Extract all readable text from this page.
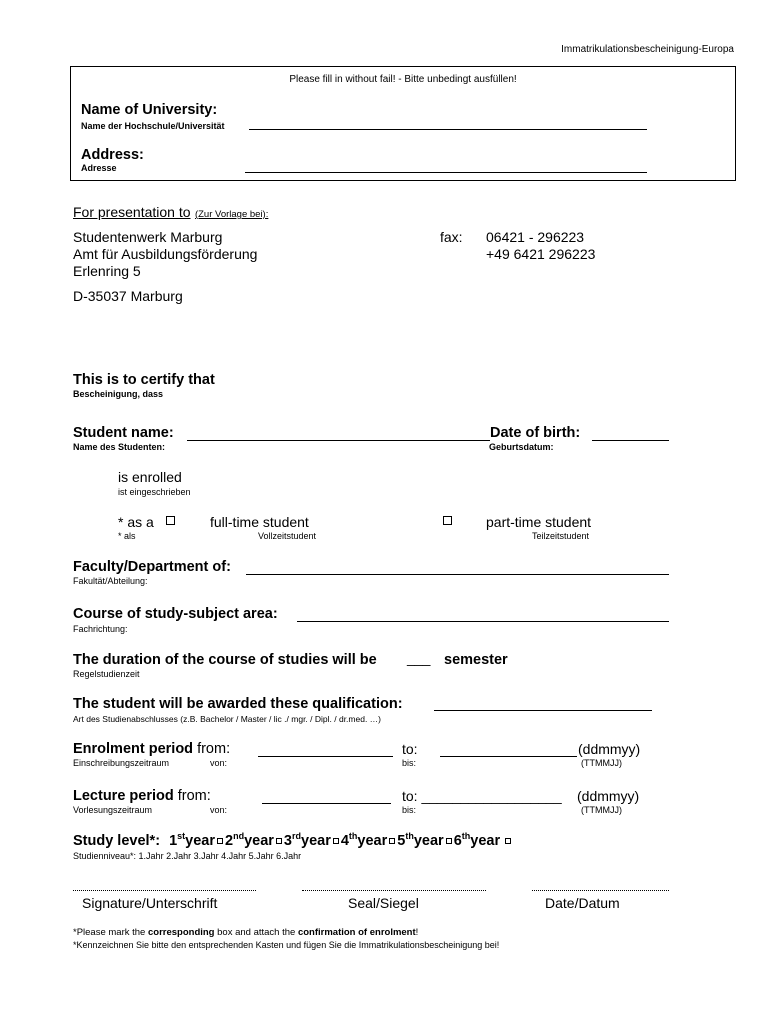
Immatrikulationsbescheinigung-Europa
Please fill in without fail! - Bitte unbedingt ausfüllen!
Name of University:
Name der Hochschule/Universität
Address:
Adresse
For presentation to (Zur Vorlage bei):
Studentenwerk Marburg
Amt für Ausbildungsförderung
Erlenring 5
D-35037 Marburg
fax: 06421 - 296223
+49 6421 296223
This is to certify that
Bescheinigung, dass
Student name:
Name des Studenten:
Date of birth:
Geburtsdatum:
is enrolled
ist eingeschrieben
* as a	full-time student
* als	Vollzeitstudent
part-time student
Teilzeitstudent
Faculty/Department of:
Fakultät/Abteilung:
Course of study-subject area:
Fachrichtung:
The duration of the course of studies will be ___ semester
Regelstudienzeit
The student will be awarded these qualification:
Art des Studienabschlusses (z.B. Bachelor / Master / lic ./ mgr. / Dipl. / dr.med. …)
Enrolment period from:	to:	(ddmmyy)
Einschreibungszeitraum	von:	bis:	(TTMMJJ)
Lecture period from:	to: __________________ (ddmmyy)
Vorlesungszeitraum	von:	bis:	(TTMMJJ)
Study level*: 1styear 2ndyear 3rdyear 4thyear 5thyear 6thyear
Studienniveau*: 1.Jahr 2.Jahr 3.Jahr 4.Jahr 5.Jahr 6.Jahr
Signature/Unterschrift	Seal/Siegel	Date/Datum
*Please mark the corresponding box and attach the confirmation of enrolment!
*Kennzeichnen Sie bitte den entsprechenden Kasten und fügen Sie die Immatrikulationsbescheinigung bei!
